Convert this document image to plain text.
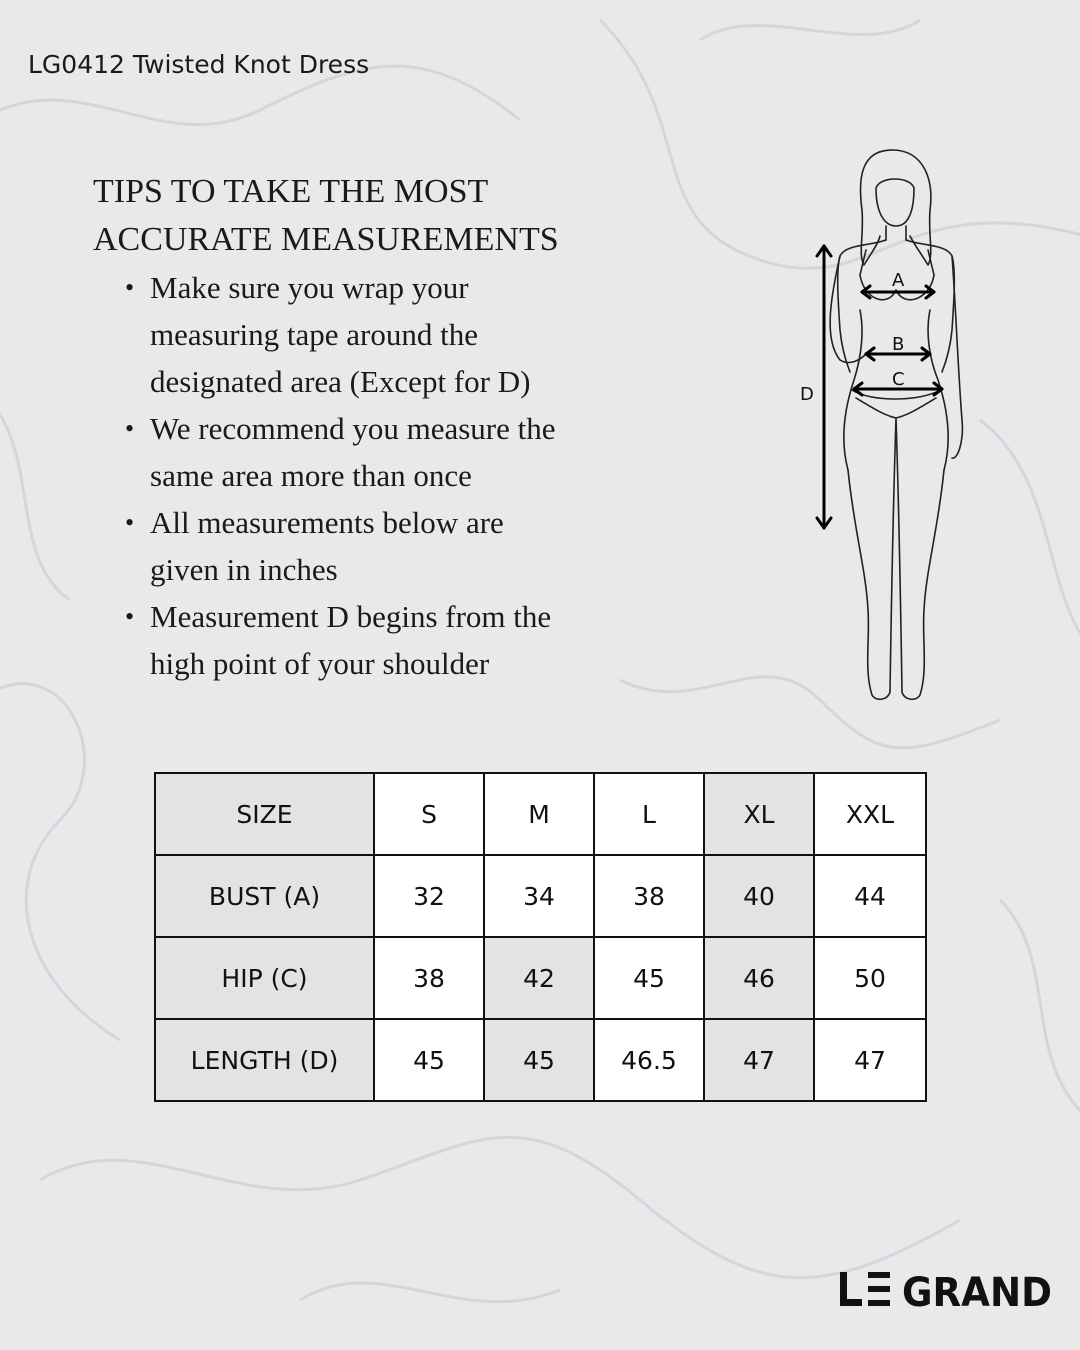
LG0412 Twisted Knot Dress
TIPS TO TAKE THE MOST
ACCURATE MEASUREMENTS
• Make sure you wrap your measuring tape around the designated area (Except for D)
• We recommend you measure the same area more than once
• All measurements below are given in inches
• Measurement D begins from the high point of your shoulder
A
B
C
D
SIZE	S	M	L	XL	XXL
BUST (A)	32	34	38	40	44
HIP (C)	38	42	45	46	50
LENGTH (D)	45	45	46.5	47	47
GRAND
